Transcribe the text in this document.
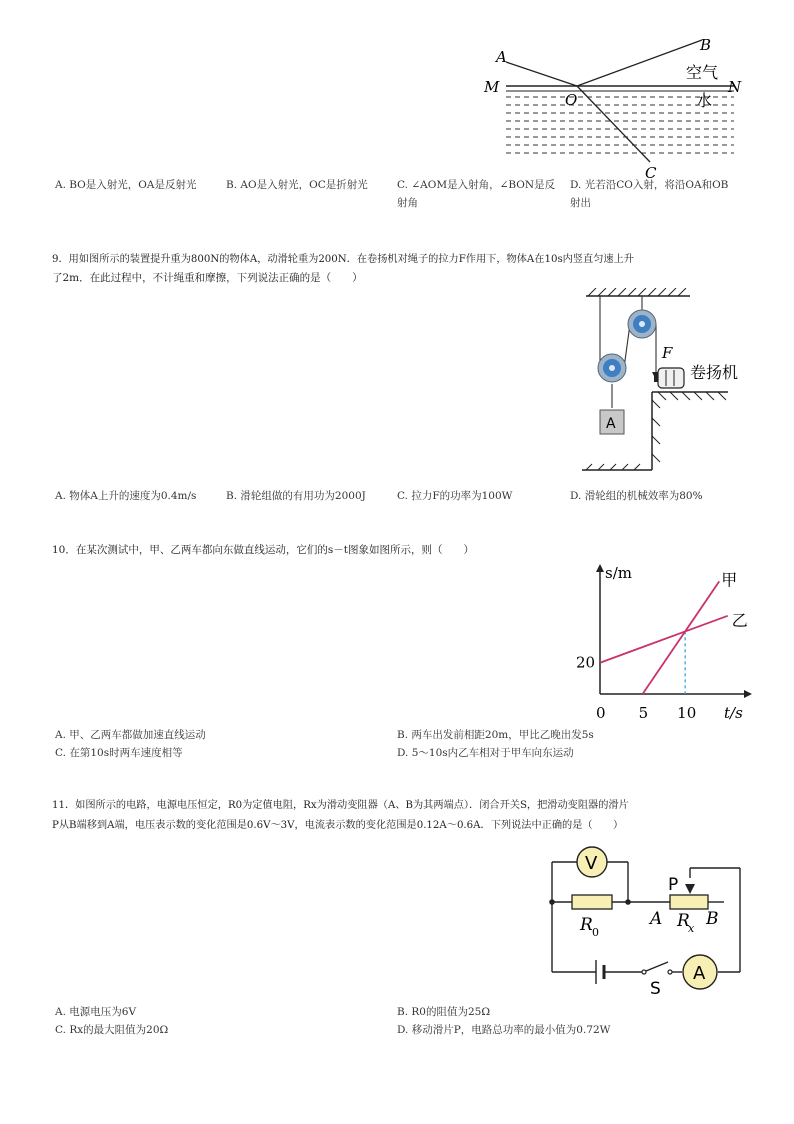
A
B
M	N
O
C
空气
水
A. BO是入射光，OA是反射光	B. AO是入射光，OC是折射光	C. ∠AOM是入射角，∠BON是反射角
D. 光若沿CO入射，将沿OA和OB射出
9．用如图所示的装置提升重为800N的物体A，动滑轮重为200N．在卷扬机对绳子的拉力F作用下，物体A在10s内竖直匀速上升
了2m．在此过程中，不计绳重和摩擦，下列说法正确的是（　　）
F
A
卷扬机
A. 物体A上升的速度为0.4m/s	B. 滑轮组做的有用功为2000J	C. 拉力F的功率为100W	D. 滑轮组的机械效率为80%
10．在某次测试中，甲、乙两车都向东做直线运动，它们的s－t图象如图所示，则（　　）
s/m
t/s
0 5 10
20
甲
乙
A. 甲、乙两车都做加速直线运动	B. 两车出发前相距20m，甲比乙晚出发5s
C. 在第10s时两车速度相等	D. 5～10s内乙车相对于甲车向东运动
11．如图所示的电路，电源电压恒定，R0为定值电阻，Rx为滑动变阻器（A、B为其两端点）．闭合开关S，把滑动变阻器的滑片
P从B端移到A端，电压表示数的变化范围是0.6V～3V，电流表示数的变化范围是0.12A～0.6A．下列说法中正确的是（　　）
V
R 0
P
A R
x B
S
A
A. 电源电压为6V	B. R0的阻值为25Ω
C. Rx的最大阻值为20Ω	D. 移动滑片P，电路总功率的最小值为0.72W
